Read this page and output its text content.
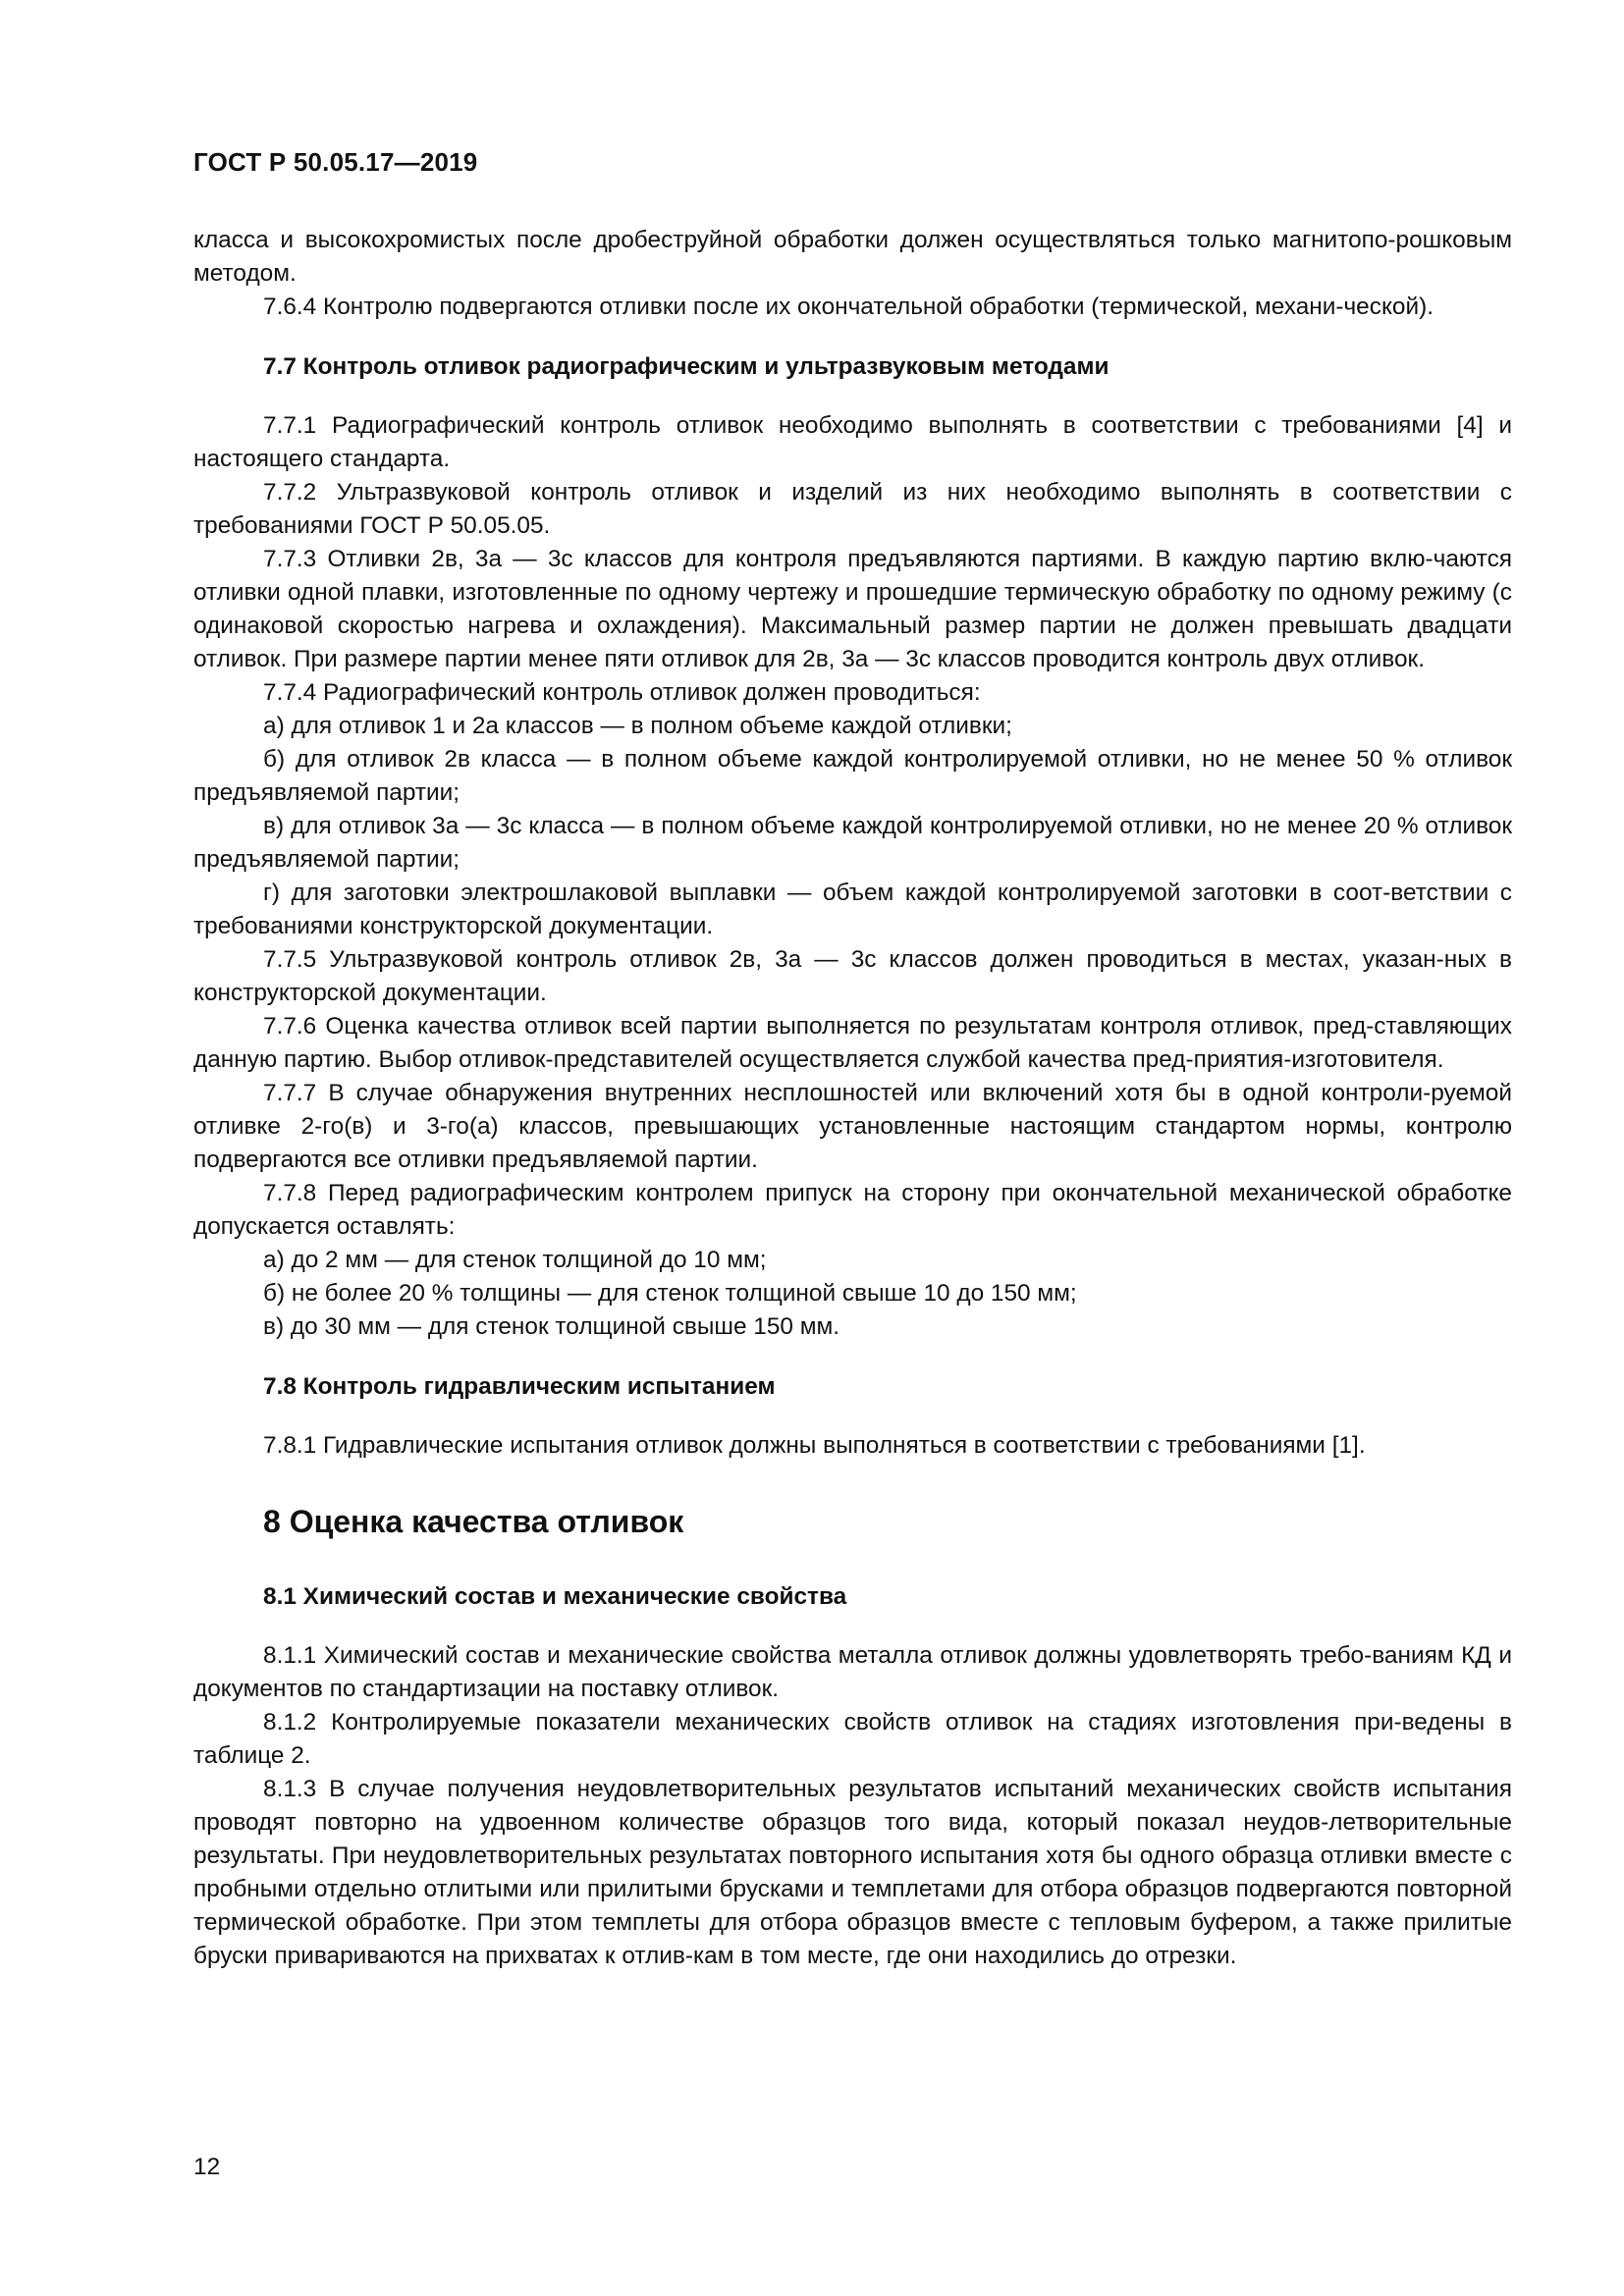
ГОСТ Р 50.05.17—2019

класса и высокохромистых после дробеструйной обработки должен осуществляться только магнитопо-рошковым методом.

7.6.4 Контролю подвергаются отливки после их окончательной обработки (термической, механи-ческой).

7.7 Контроль отливок радиографическим и ультразвуковым методами

7.7.1 Радиографический контроль отливок необходимо выполнять в соответствии с требованиями [4] и настоящего стандарта.

7.7.2 Ультразвуковой контроль отливок и изделий из них необходимо выполнять в соответствии с требованиями ГОСТ Р 50.05.05.

7.7.3 Отливки 2в, 3а — 3с классов для контроля предъявляются партиями. В каждую партию вклю-чаются отливки одной плавки, изготовленные по одному чертежу и прошедшие термическую обработку по одному режиму (с одинаковой скоростью нагрева и охлаждения). Максимальный размер партии не должен превышать двадцати отливок. При размере партии менее пяти отливок для 2в, 3а — 3с классов проводится контроль двух отливок.

7.7.4 Радиографический контроль отливок должен проводиться:

а) для отливок 1 и 2а классов — в полном объеме каждой отливки;

б) для отливок 2в класса — в полном объеме каждой контролируемой отливки, но не менее 50 % отливок предъявляемой партии;

в) для отливок 3а — 3с класса — в полном объеме каждой контролируемой отливки, но не менее 20 % отливок предъявляемой партии;

г) для заготовки электрошлаковой выплавки — объем каждой контролируемой заготовки в соот-ветствии с требованиями конструкторской документации.

7.7.5 Ультразвуковой контроль отливок 2в, 3а — 3с классов должен проводиться в местах, указан-ных в конструкторской документации.

7.7.6 Оценка качества отливок всей партии выполняется по результатам контроля отливок, пред-ставляющих данную партию. Выбор отливок-представителей осуществляется службой качества пред-приятия-изготовителя.

7.7.7 В случае обнаружения внутренних несплошностей или включений хотя бы в одной контроли-руемой отливке 2-го(в) и 3-го(а) классов, превышающих установленные настоящим стандартом нормы, контролю подвергаются все отливки предъявляемой партии.

7.7.8 Перед радиографическим контролем припуск на сторону при окончательной механической обработке допускается оставлять:

а) до 2 мм — для стенок толщиной до 10 мм;

б) не более 20 % толщины — для стенок толщиной свыше 10 до 150 мм;

в) до 30 мм — для стенок толщиной свыше 150 мм.

7.8 Контроль гидравлическим испытанием

7.8.1 Гидравлические испытания отливок должны выполняться в соответствии с требованиями [1].

8 Оценка качества отливок
8.1 Химический состав и механические свойства

8.1.1 Химический состав и механические свойства металла отливок должны удовлетворять требо-ваниям КД и документов по стандартизации на поставку отливок.

8.1.2 Контролируемые показатели механических свойств отливок на стадиях изготовления при-ведены в таблице 2.

8.1.3 В случае получения неудовлетворительных результатов испытаний механических свойств испытания проводят повторно на удвоенном количестве образцов того вида, который показал неудов-летворительные результаты. При неудовлетворительных результатах повторного испытания хотя бы одного образца отливки вместе с пробными отдельно отлитыми или прилитыми брусками и темплетами для отбора образцов подвергаются повторной термической обработке. При этом темплеты для отбора образцов вместе с тепловым буфером, а также прилитые бруски привариваются на прихватах к отлив-кам в том месте, где они находились до отрезки.

12
